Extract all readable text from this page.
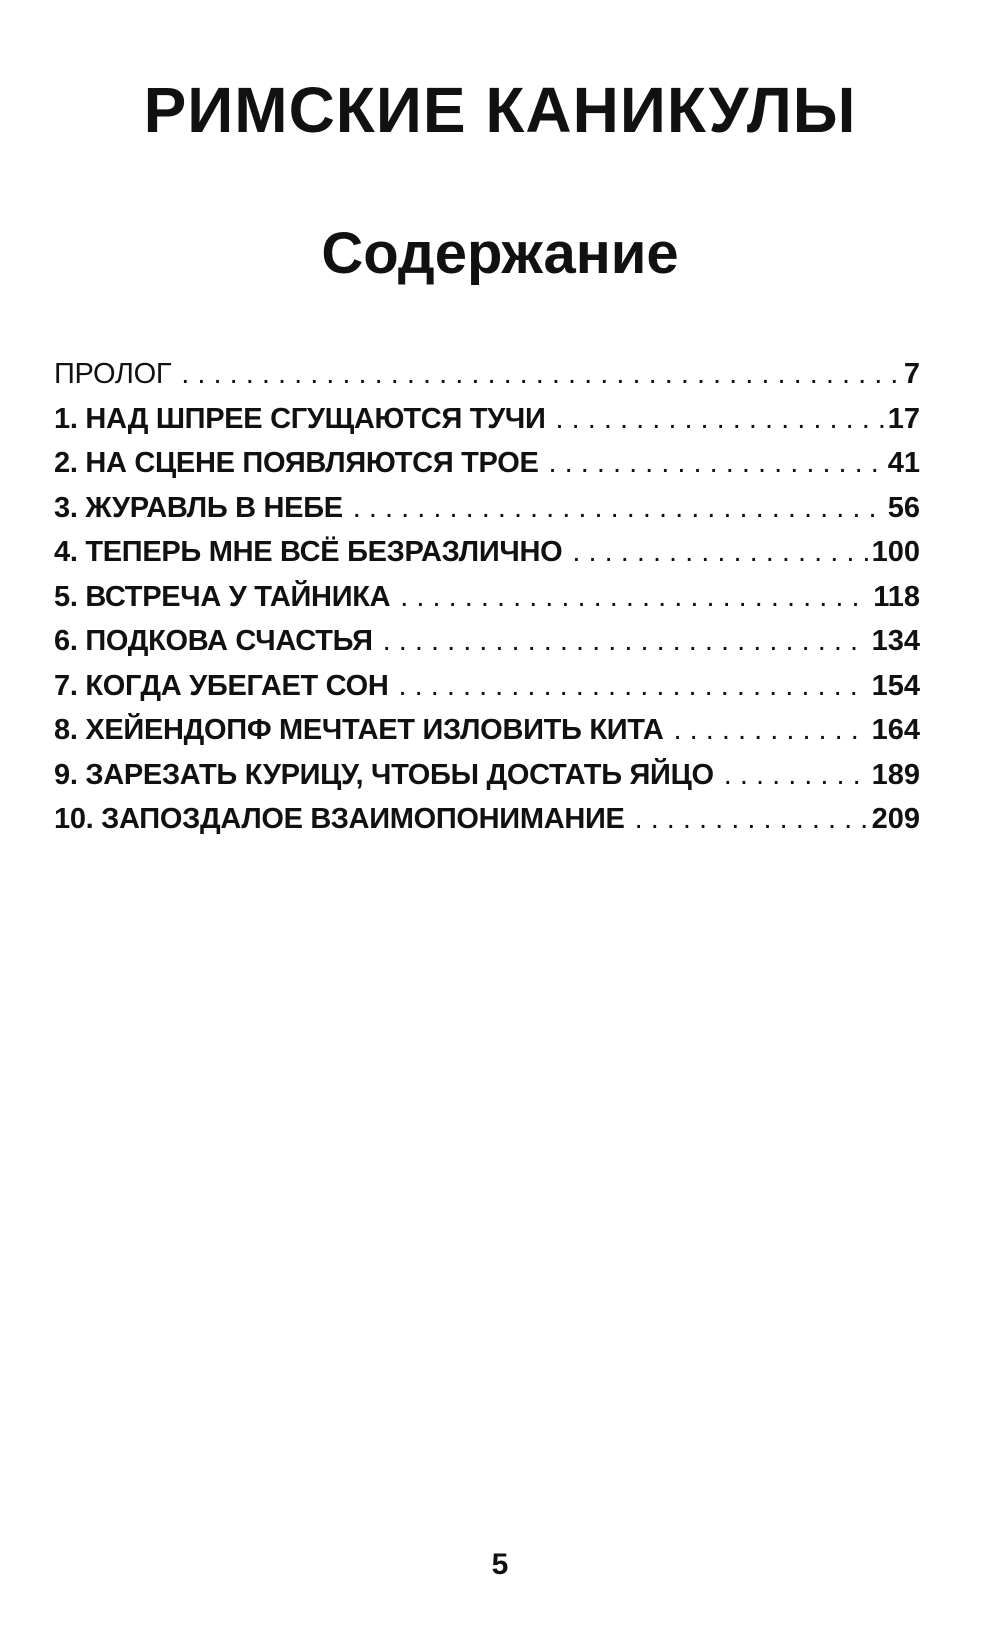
РИМСКИЕ КАНИКУЛЫ
Содержание
ПРОЛОГ . . .	7
1. НАД ШПРЕЕ СГУЩАЮТСЯ ТУЧИ . . .	17
2. НА СЦЕНЕ ПОЯВЛЯЮТСЯ ТРОЕ . . .	41
3. ЖУРАВЛЬ В НЕБЕ . . .	56
4. ТЕПЕРЬ МНЕ ВСЁ БЕЗРАЗЛИЧНО . . .	100
5. ВСТРЕЧА У ТАЙНИКА . . .	118
6. ПОДКОВА СЧАСТЬЯ . . .	134
7. КОГДА УБЕГАЕТ СОН . . .	154
8. ХЕЙЕНДОПФ МЕЧТАЕТ ИЗЛОВИТЬ КИТА . . .	164
9. ЗАРЕЗАТЬ КУРИЦУ, ЧТОБЫ ДОСТАТЬ ЯЙЦО . . .	189
10. ЗАПОЗДАЛОЕ ВЗАИМОПОНИМАНИЕ . . .	209
5
